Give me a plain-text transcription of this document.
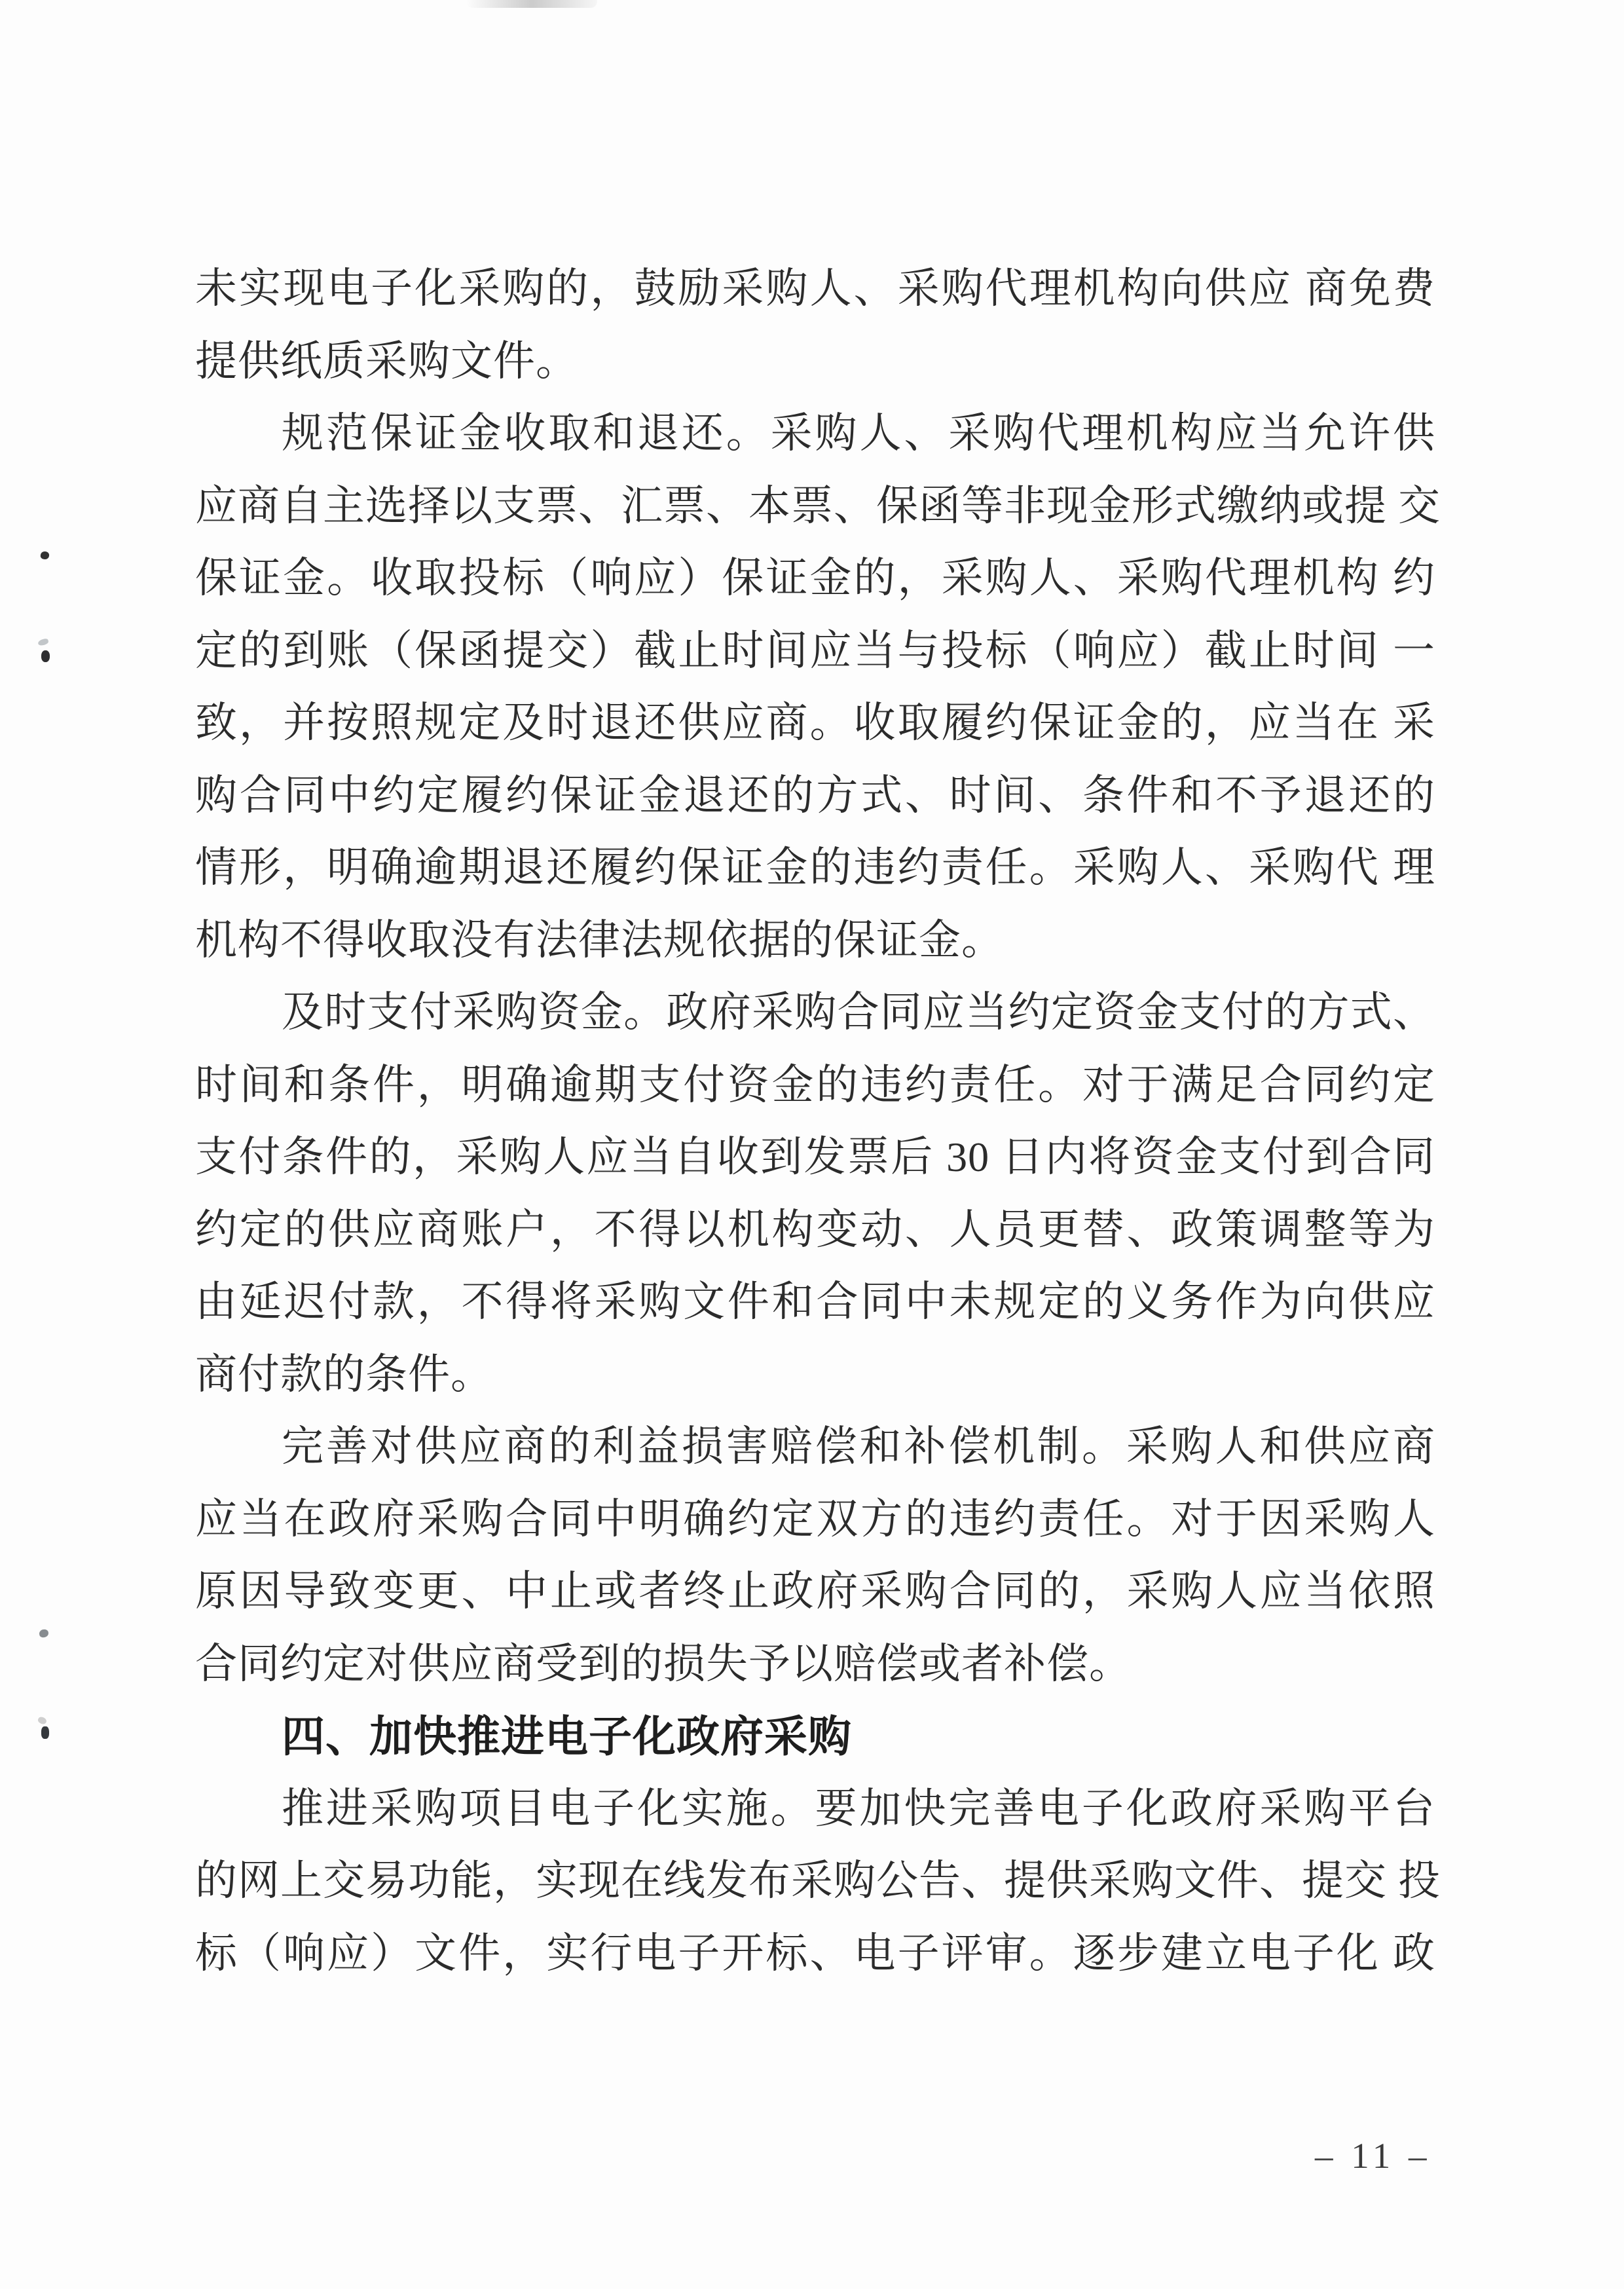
未实现电子化采购的，鼓励采购人、采购代理机构向供应 商免费
提供纸质采购文件。
规范保证金收取和退还。采购人、采购代理机构应当允许供
应商自主选择以支票、汇票、本票、保函等非现金形式缴纳或提 交
保证金。收取投标（响应）保证金的，采购人、采购代理机构 约
定的到账（保函提交）截止时间应当与投标（响应）截止时间 一
致，并按照规定及时退还供应商。收取履约保证金的，应当在 采
购合同中约定履约保证金退还的方式、时间、条件和不予退还的
情形，明确逾期退还履约保证金的违约责任。采购人、采购代 理
机构不得收取没有法律法规依据的保证金。
及时支付采购资金。政府采购合同应当约定资金支付的方式、
时间和条件，明确逾期支付资金的违约责任。对于满足合同约定
支付条件的，采购人应当自收到发票后 30 日内将资金支付到合同
约定的供应商账户，不得以机构变动、人员更替、政策调整等为
由延迟付款，不得将采购文件和合同中未规定的义务作为向供应
商付款的条件。
完善对供应商的利益损害赔偿和补偿机制。采购人和供应商
应当在政府采购合同中明确约定双方的违约责任。对于因采购人
原因导致变更、中止或者终止政府采购合同的，采购人应当依照
合同约定对供应商受到的损失予以赔偿或者补偿。
四、加快推进电子化政府采购
推进采购项目电子化实施。要加快完善电子化政府采购平台
的网上交易功能，实现在线发布采购公告、提供采购文件、提交 投
标（响应）文件，实行电子开标、电子评审。逐步建立电子化 政
– 11 –
